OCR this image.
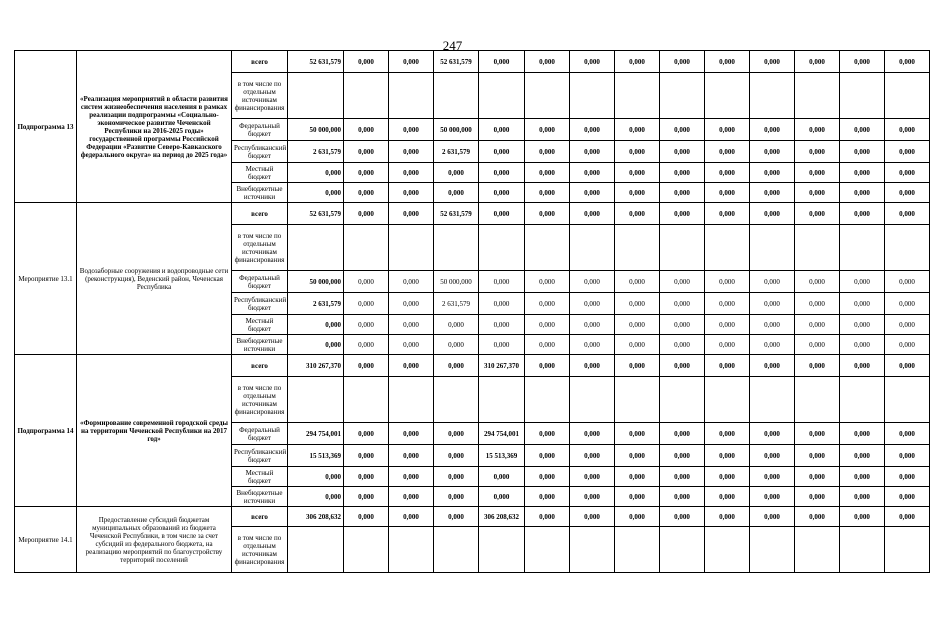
247
Подпрограмма 13	«Реализация мероприятий в области развития систем жизнеобеспечения населения в рамках реализации подпрограммы «Социально-экономическое развитие Чеченской Республики на 2016-2025 годы» государственной программы Российской Федерации «Развитие Северо-Кавказского федерального округа» на период до 2025 года»	всего	52 631,579	0,000	0,000	52 631,579	0,000	0,000	0,000	0,000	0,000	0,000	0,000	0,000	0,000	0,000
		в том числе по отдельным источникам финансирования														
		Федеральный бюджет	50 000,000	0,000	0,000	50 000,000	0,000	0,000	0,000	0,000	0,000	0,000	0,000	0,000	0,000	0,000
		Республиканский бюджет	2 631,579	0,000	0,000	2 631,579	0,000	0,000	0,000	0,000	0,000	0,000	0,000	0,000	0,000	0,000
		Местный бюджет	0,000	0,000	0,000	0,000	0,000	0,000	0,000	0,000	0,000	0,000	0,000	0,000	0,000	0,000
		Внебюджетные источники	0,000	0,000	0,000	0,000	0,000	0,000	0,000	0,000	0,000	0,000	0,000	0,000	0,000	0,000
Мероприятие 13.1	Водозаборные сооружения и водопроводные сети (реконструкция), Веденский район, Чеченская Республика	всего	52 631,579	0,000	0,000	52 631,579	0,000	0,000	0,000	0,000	0,000	0,000	0,000	0,000	0,000	0,000
		в том числе по отдельным источникам финансирования														
		Федеральный бюджет	50 000,000	0,000	0,000	50 000,000	0,000	0,000	0,000	0,000	0,000	0,000	0,000	0,000	0,000	0,000
		Республиканский бюджет	2 631,579	0,000	0,000	2 631,579	0,000	0,000	0,000	0,000	0,000	0,000	0,000	0,000	0,000	0,000
		Местный бюджет	0,000	0,000	0,000	0,000	0,000	0,000	0,000	0,000	0,000	0,000	0,000	0,000	0,000	0,000
		Внебюджетные источники	0,000	0,000	0,000	0,000	0,000	0,000	0,000	0,000	0,000	0,000	0,000	0,000	0,000	0,000
Подпрограмма 14	«Формирование современной городской среды на территории Чеченской Республики на 2017 год»	всего	310 267,370	0,000	0,000	0,000	310 267,370	0,000	0,000	0,000	0,000	0,000	0,000	0,000	0,000	0,000
		в том числе по отдельным источникам финансирования														
		Федеральный бюджет	294 754,001	0,000	0,000	0,000	294 754,001	0,000	0,000	0,000	0,000	0,000	0,000	0,000	0,000	0,000
		Республиканский бюджет	15 513,369	0,000	0,000	0,000	15 513,369	0,000	0,000	0,000	0,000	0,000	0,000	0,000	0,000	0,000
		Местный бюджет	0,000	0,000	0,000	0,000	0,000	0,000	0,000	0,000	0,000	0,000	0,000	0,000	0,000	0,000
		Внебюджетные источники	0,000	0,000	0,000	0,000	0,000	0,000	0,000	0,000	0,000	0,000	0,000	0,000	0,000	0,000
Мероприятие 14.1	Предоставление субсидий бюджетам муниципальных образований из бюджета Чеченской Республики, в том числе за счет субсидий из федерального бюджета, на реализацию мероприятий по благоустройству территорий поселений	всего	306 208,632	0,000	0,000	0,000	306 208,632	0,000	0,000	0,000	0,000	0,000	0,000	0,000	0,000	0,000
		в том числе по отдельным источникам финансирования														
